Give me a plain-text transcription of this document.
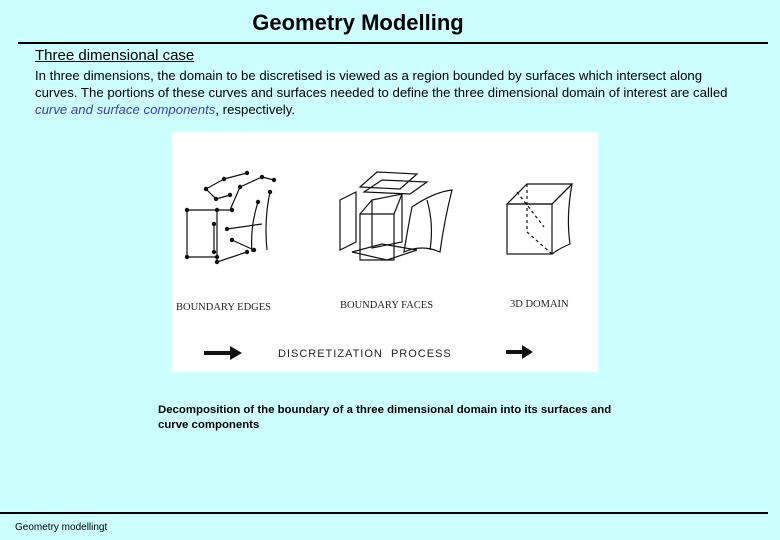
Geometry Modelling
Three dimensional case
In three dimensions, the domain to be discretised is viewed as a region bounded by surfaces which intersect along curves. The portions of these curves and surfaces needed to define the three dimensional domain of interest are called curve and surface components, respectively.
BOUNDARY EDGES	BOUNDARY FACES	3D DOMAIN
DISCRETIZATION  PROCESS
Decomposition of the boundary of a three dimensional domain into its surfaces and curve components
Geometry modellingt
